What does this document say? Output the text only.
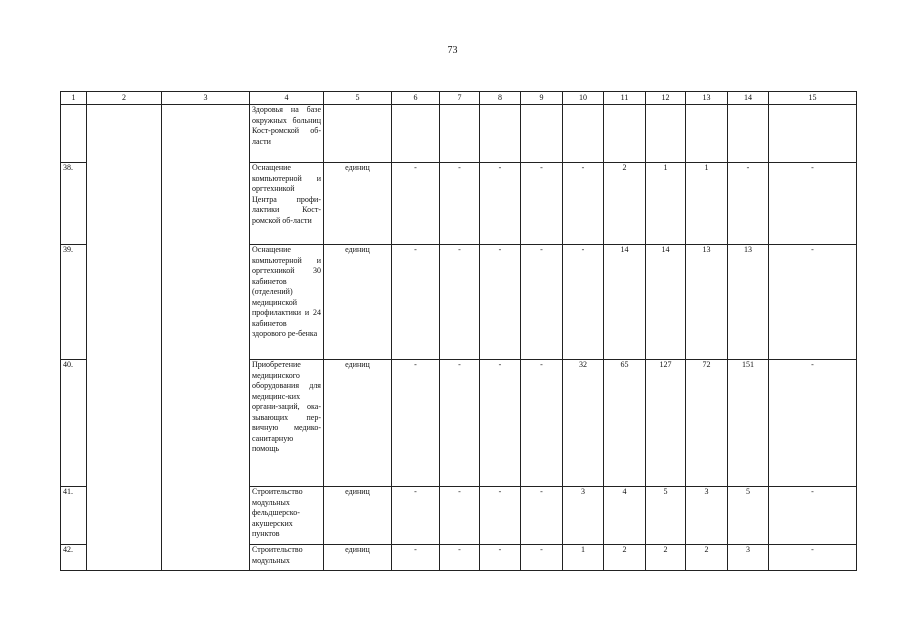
73
1	2	3	4	5	6	7	8	9	10	11	12	13	14	15
			Здоровья на базе окружных больниц Кост-ромской об-ласти											
38.			Оснащение компьютерной и оргтехникой Центра профи-лактики Кост-ромской об-ласти	единиц	-	-	-	-	-	2	1	1	-	-
39.			Оснащение компьютерной и оргтехникой 30 кабинетов (отделений) медицинской профилактики и 24 кабинетов здорового ре-бенка	единиц	-	-	-	-	-	14	14	13	13	-
40.			Приобретение медицинского оборудования для медицинс-ких органи-заций, ока-зывающих пер-вичную медико-санитарную помощь	единиц	-	-	-	-	32	65	127	72	151	-
41.			Строительство модульных фельдшерско-акушерских пунктов	единиц	-	-	-	-	3	4	5	3	5	-
42.			Строительство модульных	единиц	-	-	-	-	1	2	2	2	3	-
